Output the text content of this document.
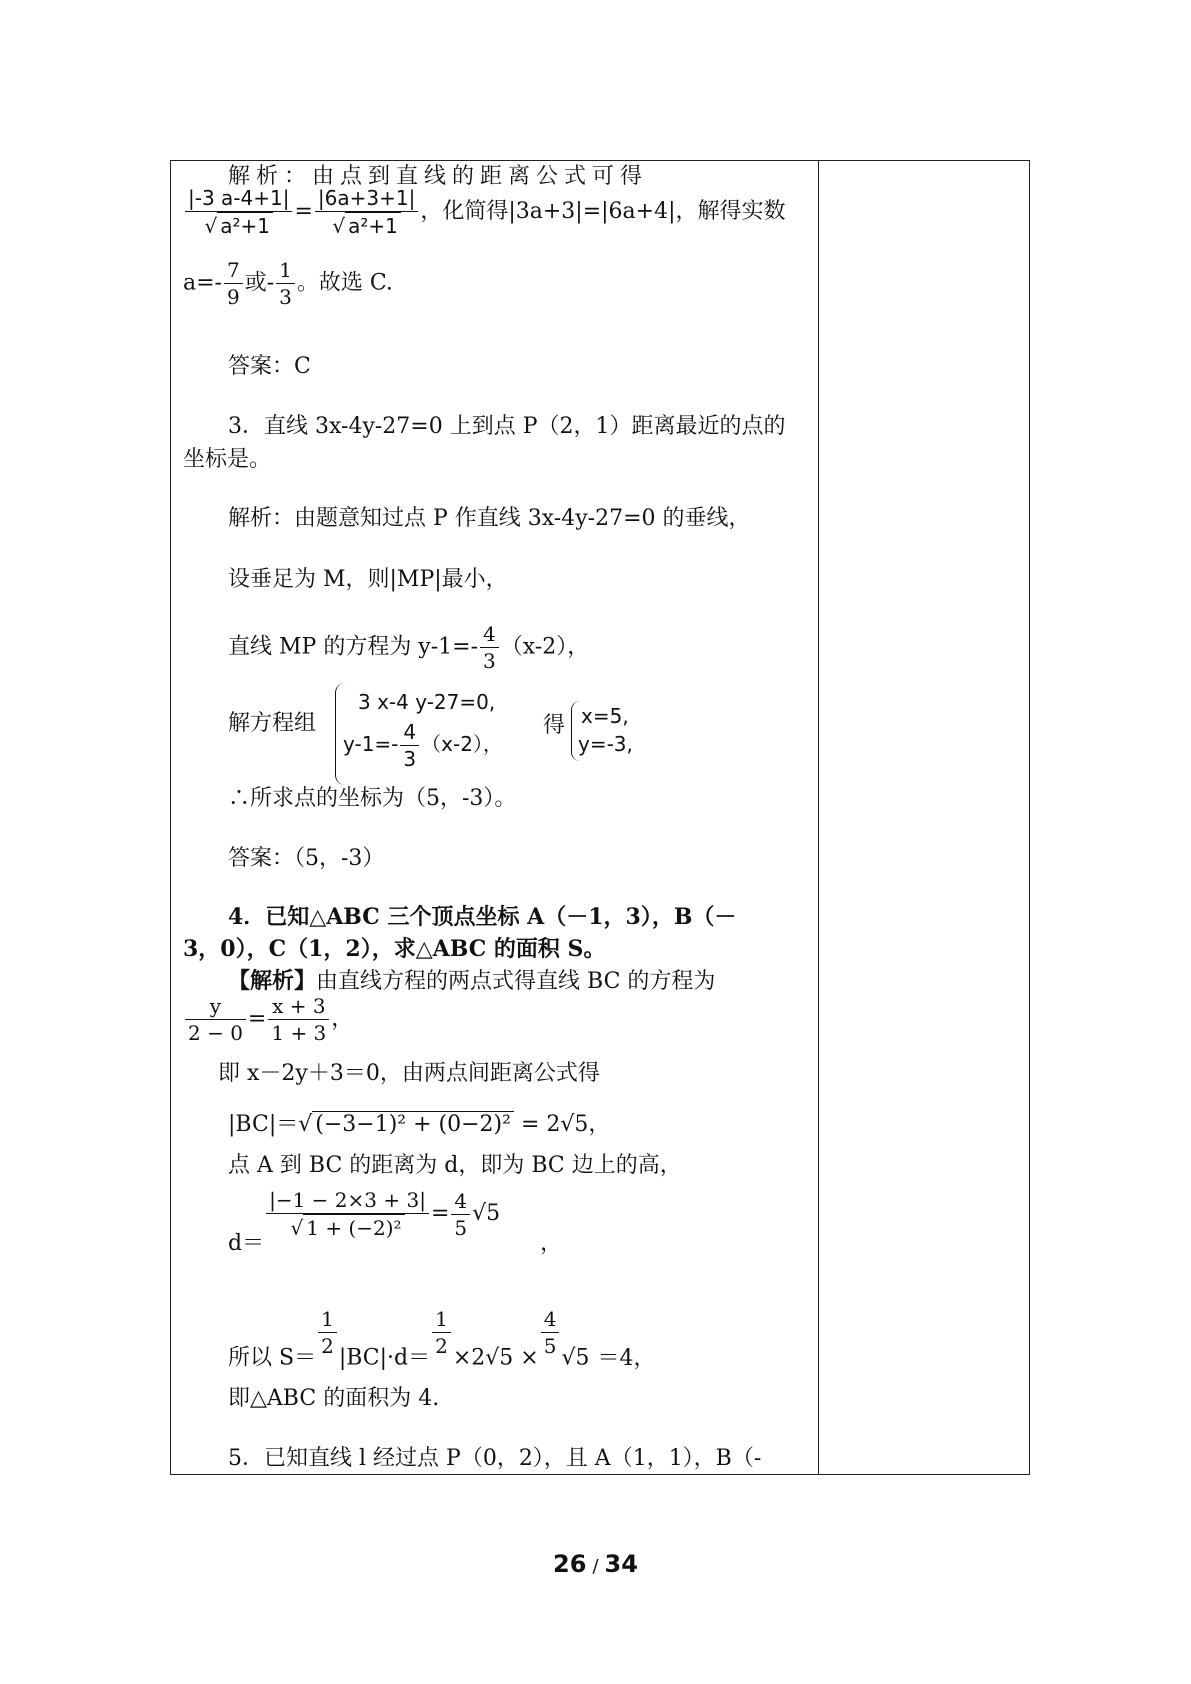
解析：由点到直线的距离公式可得
$\frac{|-3 a-4+1|}{\text{√ a²+1}} = \frac{|6a+3+1|}{\text{√ a²+1}}$ ，化简得|3a+3|=|6a+4|，解得实数
$a=- \frac{7}{9}$ 或- $\frac{1}{3}$ 。故选 C.
答案：C
3．直线 3x-4y-27=0 上到点 P（2，1）距离最近的点的
坐标是。
解析：由题意知过点 P 作直线 3x-4y-27=0 的垂线，
设垂足为 M，则|MP|最小，
直线 MP 的方程为 $y-1=- \frac{4}{3} (x-2)$，
解方程组
3 x-4 y-27=0,
$y-1=- \frac{4}{3} (x-2)$，
得 x=5,
y=-3,
∴所求点的坐标为（5，-3）。
答案：（5，-3）
4．已知△ABC 三个顶点坐标 A（－1，3），B（－
3，0），C（1，2），求△ABC 的面积 S。
【解析】由直线方程的两点式得直线 BC 的方程为
$\frac{y}{2 - 0} = \frac{x + 3}{1 + 3}$ ，
即 x－2y＋3＝0，由两点间距离公式得
|BC|＝√ (−3−1)² + (0−2)² = 2√5，
点 A 到 BC 的距离为 d，即为 BC 边上的高，
d＝
$\frac{|-1 - 2\times 3 + 3|}{\text{√ 1 + (−2)²}} = \frac{4}{5} √5$，
所以 $S= \frac{1}{2} |BC|\cdot d= \frac{1}{2} \times 2√5 \times \frac{4}{5} √5 =4$，
即△ABC 的面积为 4.
5．已知直线 l 经过点 P（0，2），且 A（1，1），B（-
26 / 34
